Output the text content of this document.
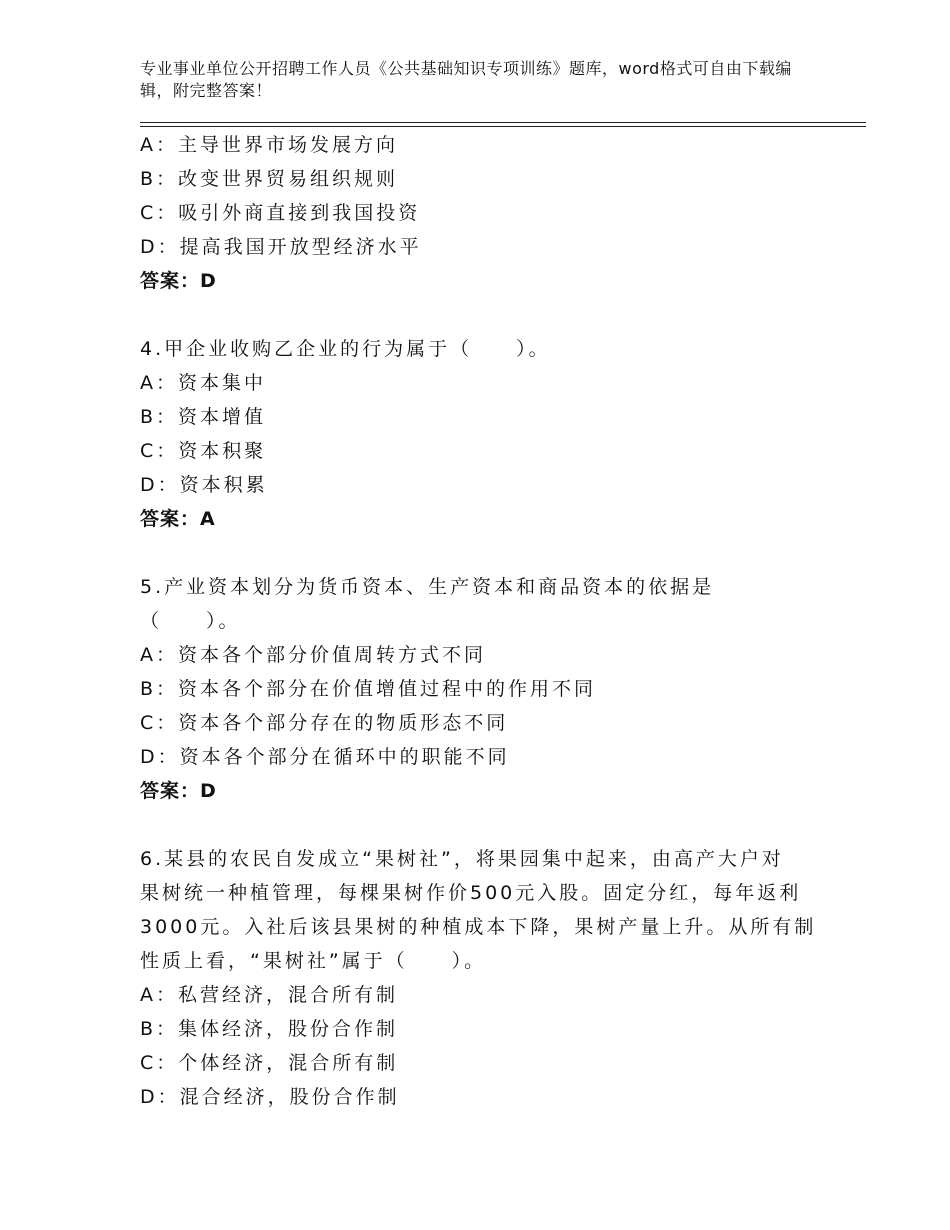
专业事业单位公开招聘工作人员《公共基础知识专项训练》题库，word格式可自由下载编辑，附完整答案！
A：主导世界市场发展方向
B：改变世界贸易组织规则
C：吸引外商直接到我国投资
D：提高我国开放型经济水平
答案：D
4.甲企业收购乙企业的行为属于（　　）。
A：资本集中
B：资本增值
C：资本积聚
D：资本积累
答案：A
5.产业资本划分为货币资本、生产资本和商品资本的依据是
（　　）。
A：资本各个部分价值周转方式不同
B：资本各个部分在价值增值过程中的作用不同
C：资本各个部分存在的物质形态不同
D：资本各个部分在循环中的职能不同
答案：D
6.某县的农民自发成立“果树社”，将果园集中起来，由高产大户对
果树统一种植管理，每棵果树作价500元入股。固定分红，每年返利
3000元。入社后该县果树的种植成本下降，果树产量上升。从所有制
性质上看，“果树社”属于（　　）。
A：私营经济，混合所有制
B：集体经济，股份合作制
C：个体经济，混合所有制
D：混合经济，股份合作制
